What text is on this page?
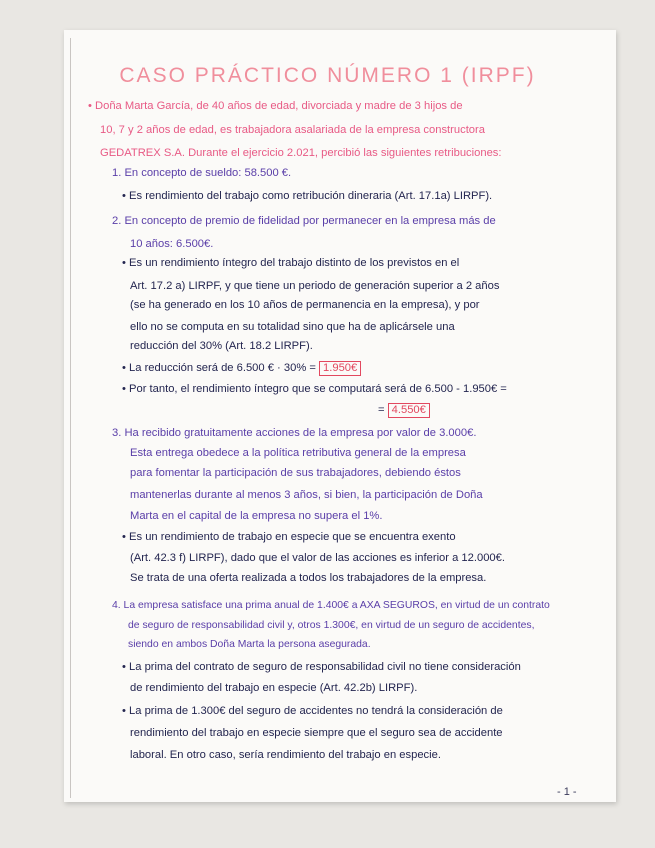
CASO PRÁCTICO NÚMERO 1 (IRPF)
• Doña Marta García, de 40 años de edad, divorciada y madre de 3 hijos de
10, 7 y 2 años de edad, es trabajadora asalariada de la empresa constructora
GEDATREX S.A. Durante el ejercicio 2.021, percibió las siguientes retribuciones:
1. En concepto de sueldo: 58.500 €.
• Es rendimiento del trabajo como retribución dineraria (Art. 17.1a) LIRPF).
2. En concepto de premio de fidelidad por permanecer en la empresa más de
10 años: 6.500€.
• Es un rendimiento íntegro del trabajo distinto de los previstos en el
Art. 17.2 a) LIRPF, y que tiene un periodo de generación superior a 2 años
(se ha generado en los 10 años de permanencia en la empresa), y por
ello no se computa en su totalidad sino que ha de aplicársele una
reducción del 30% (Art. 18.2 LIRPF).
• La reducción será de 6.500 € · 30% = 1.950€
• Por tanto, el rendimiento íntegro que se computará será de 6.500 - 1.950€ =
= 4.550€
3. Ha recibido gratuitamente acciones de la empresa por valor de 3.000€.
Esta entrega obedece a la política retributiva general de la empresa
para fomentar la participación de sus trabajadores, debiendo éstos
mantenerlas durante al menos 3 años, si bien, la participación de Doña
Marta en el capital de la empresa no supera el 1%.
• Es un rendimiento de trabajo en especie que se encuentra exento
(Art. 42.3 f) LIRPF), dado que el valor de las acciones es inferior a 12.000€.
Se trata de una oferta realizada a todos los trabajadores de la empresa.
4. La empresa satisface una prima anual de 1.400€ a AXA SEGUROS, en virtud de un contrato
de seguro de responsabilidad civil y, otros 1.300€, en virtud de un seguro de accidentes,
siendo en ambos Doña Marta la persona asegurada.
• La prima del contrato de seguro de responsabilidad civil no tiene consideración
de rendimiento del trabajo en especie (Art. 42.2b) LIRPF).
• La prima de 1.300€ del seguro de accidentes no tendrá la consideración de
rendimiento del trabajo en especie siempre que el seguro sea de accidente
laboral. En otro caso, sería rendimiento del trabajo en especie.
- 1 -
